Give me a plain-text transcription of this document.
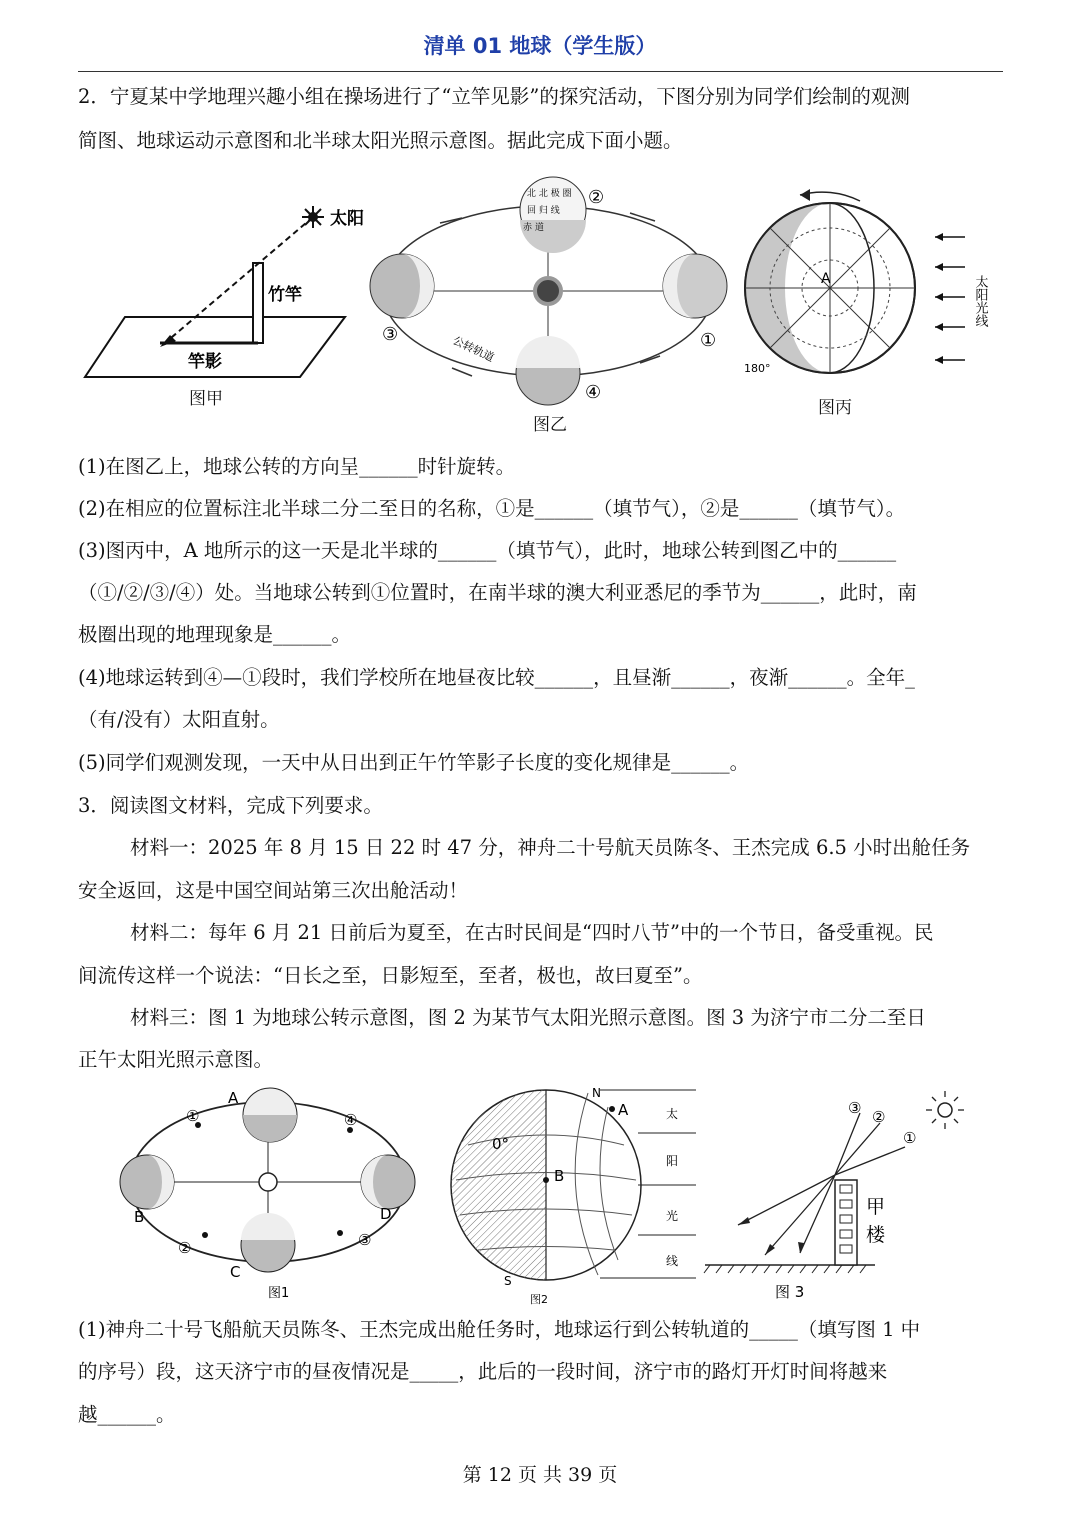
清单 01 地球（学生版）
2．宁夏某中学地理兴趣小组在操场进行了“立竿见影”的探究活动，下图分别为同学们绘制的观测
简图、地球运动示意图和北半球太阳光照示意图。据此完成下面小题。
太阳
竹竿
竿影
图甲
北 北 极 圈
回 归 线
赤 道
③	①
②
④
公转轨道
图乙
A
180°
太阳光线
图丙
(1)在图乙上，地球公转的方向呈______时针旋转。
(2)在相应的位置标注北半球二分二至日的名称，①是______（填节气），②是______（填节气）。
(3)图丙中，A 地所示的这一天是北半球的______（填节气），此时，地球公转到图乙中的______
（①/②/③/④）处。当地球公转到①位置时，在南半球的澳大利亚悉尼的季节为______，此时，南
极圈出现的地理现象是______。
(4)地球运转到④—①段时，我们学校所在地昼夜比较______，且昼渐______，夜渐______。全年_
（有/没有）太阳直射。
(5)同学们观测发现，一天中从日出到正午竹竿影子长度的变化规律是______。
3．阅读图文材料，完成下列要求。
材料一：2025 年 8 月 15 日 22 时 47 分，神舟二十号航天员陈冬、王杰完成 6.5 小时出舱任务
安全返回，这是中国空间站第三次出舱活动！
材料二：每年 6 月 21 日前后为夏至，在古时民间是“四时八节”中的一个节日，备受重视。民
间流传这样一个说法：“日长之至，日影短至，至者，极也，故曰夏至”。
材料三：图 1 为地球公转示意图，图 2 为某节气太阳光照示意图。图 3 为济宁市二分二至日
正午太阳光照示意图。
A
B
C
D
①
②	③
④
图1
N
S
A
B
0°
太
阳
光
线
图2
③ ②
①
甲
楼
图 3
(1)神舟二十号飞船航天员陈冬、王杰完成出舱任务时，地球运行到公转轨道的_____（填写图 1 中
的序号）段，这天济宁市的昼夜情况是_____，此后的一段时间，济宁市的路灯开灯时间将越来
越______。
第 12 页 共 39 页
